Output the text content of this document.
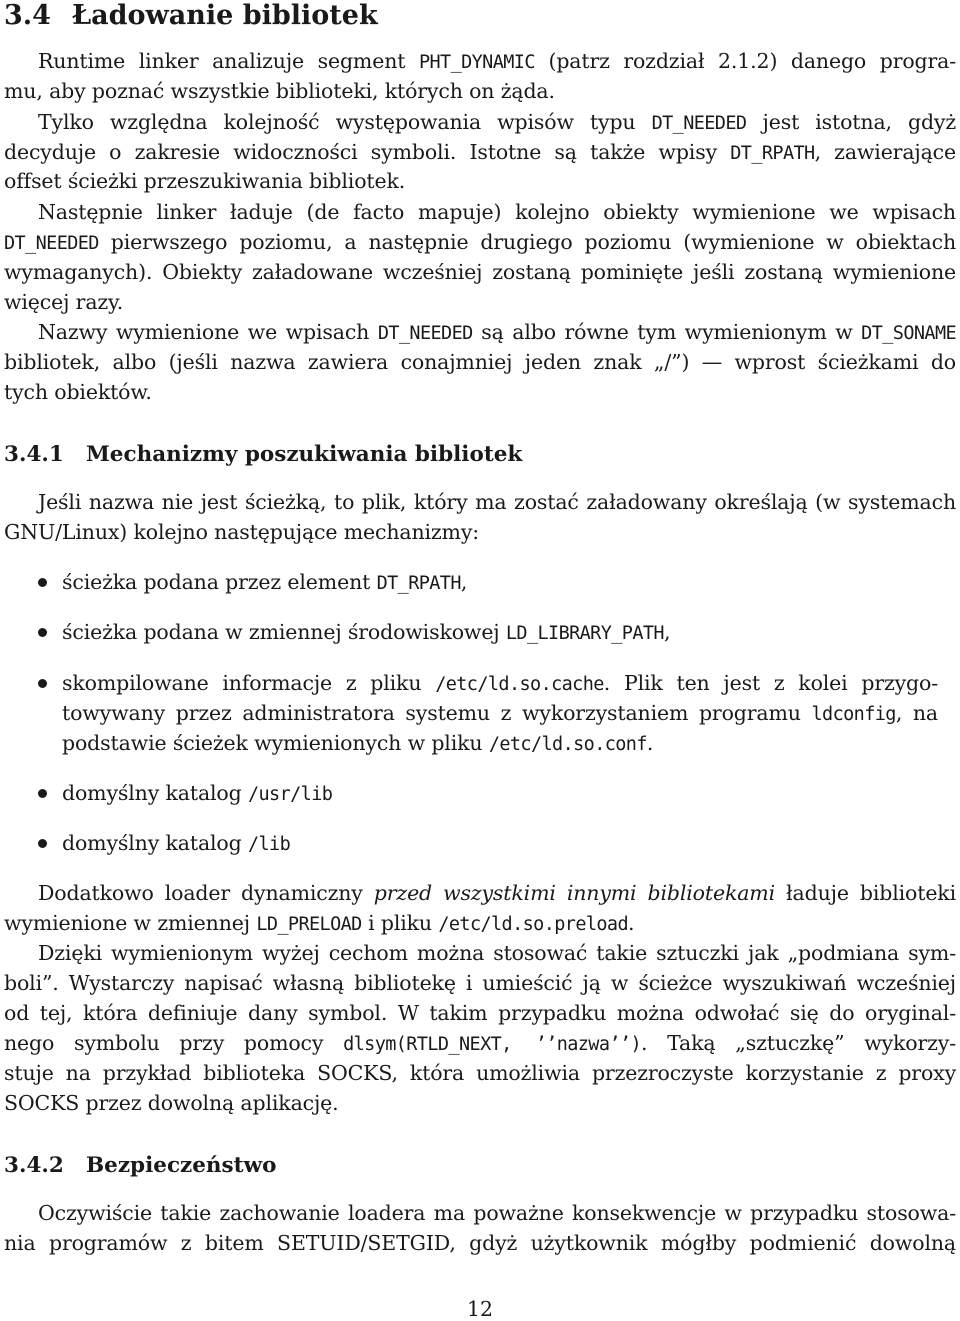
3.4 Ładowanie bibliotek
Runtime linker analizuje segment PHT_DYNAMIC (patrz rozdział 2.1.2) danego progra-
mu, aby poznać wszystkie biblioteki, których on żąda.
Tylko względna kolejność występowania wpisów typu DT_NEEDED jest istotna, gdyż
decyduje o zakresie widoczności symboli. Istotne są także wpisy DT_RPATH, zawierające
offset ścieżki przeszukiwania bibliotek.
Następnie linker ładuje (de facto mapuje) kolejno obiekty wymienione we wpisach
DT_NEEDED pierwszego poziomu, a następnie drugiego poziomu (wymienione w obiektach
wymaganych). Obiekty załadowane wcześniej zostaną pominięte jeśli zostaną wymienione
więcej razy.
Nazwy wymienione we wpisach DT_NEEDED są albo równe tym wymienionym w DT_SONAME
bibliotek, albo (jeśli nazwa zawiera conajmniej jeden znak „/”) — wprost ścieżkami do
tych obiektów.
3.4.1 Mechanizmy poszukiwania bibliotek
Jeśli nazwa nie jest ścieżką, to plik, który ma zostać załadowany określają (w systemach
GNU/Linux) kolejno następujące mechanizmy:
ścieżka podana przez element DT_RPATH,
ścieżka podana w zmiennej środowiskowej LD_LIBRARY_PATH,
skompilowane informacje z pliku /etc/ld.so.cache. Plik ten jest z kolei przygo-
towywany przez administratora systemu z wykorzystaniem programu ldconfig, na
podstawie ścieżek wymienionych w pliku /etc/ld.so.conf.
domyślny katalog /usr/lib
domyślny katalog /lib
Dodatkowo loader dynamiczny przed wszystkimi innymi bibliotekami ładuje biblioteki
wymienione w zmiennej LD_PRELOAD i pliku /etc/ld.so.preload.
Dzięki wymienionym wyżej cechom można stosować takie sztuczki jak „podmiana sym-
boli”. Wystarczy napisać własną bibliotekę i umieścić ją w ścieżce wyszukiwań wcześniej
od tej, która definiuje dany symbol. W takim przypadku można odwołać się do oryginal-
nego symbolu przy pomocy dlsym(RTLD_NEXT, ’’nazwa’’). Taką „sztuczkę” wykorzy-
stuje na przykład biblioteka SOCKS, która umożliwia przezroczyste korzystanie z proxy
SOCKS przez dowolną aplikację.
3.4.2 Bezpieczeństwo
Oczywiście takie zachowanie loadera ma poważne konsekwencje w przypadku stosowa-
nia programów z bitem SETUID/SETGID, gdyż użytkownik mógłby podmienić dowolną
12
